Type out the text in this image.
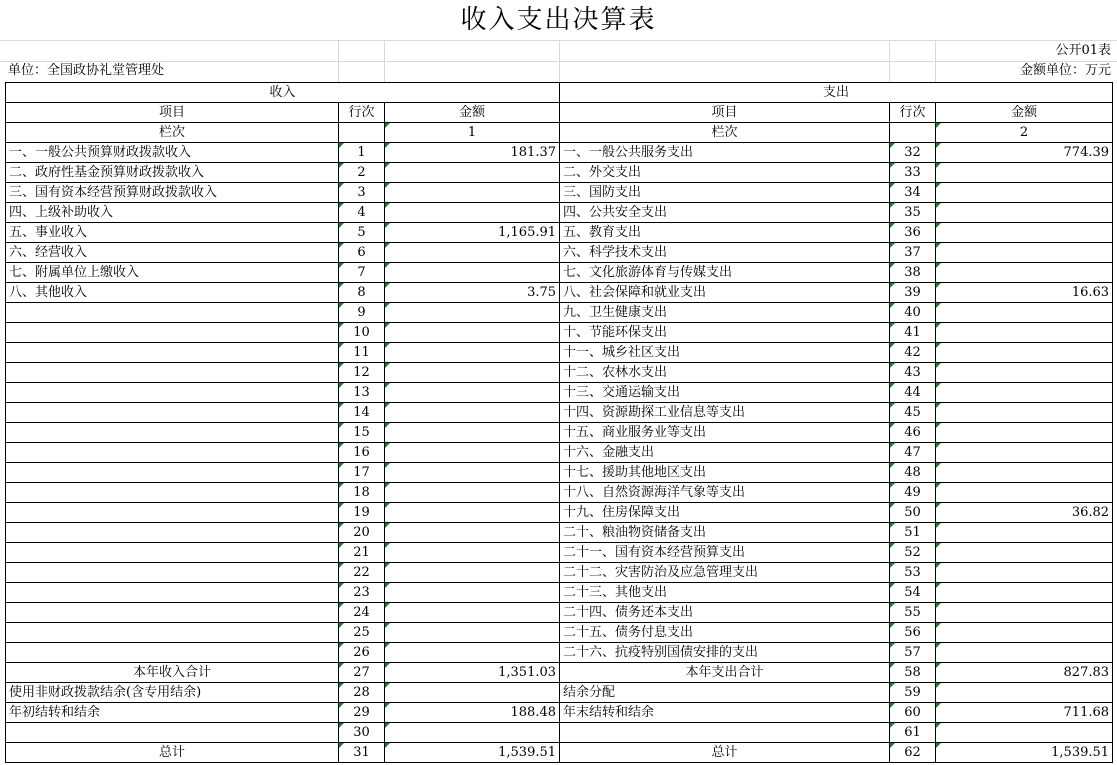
收入支出决算表
公开01表
单位：全国政协礼堂管理处	金额单位：万元
收入			支出		
项目	行次	金额	项目	行次	金额
栏次		1	栏次		2
一、一般公共预算财政拨款收入	1	181.37	一、一般公共服务支出	32	774.39
二、政府性基金预算财政拨款收入	2		二、外交支出	33	
三、国有资本经营预算财政拨款收入	3		三、国防支出	34	
四、上级补助收入	4		四、公共安全支出	35	
五、事业收入	5	1,165.91	五、教育支出	36	
六、经营收入	6		六、科学技术支出	37	
七、附属单位上缴收入	7		七、文化旅游体育与传媒支出	38	
八、其他收入	8	3.75	八、社会保障和就业支出	39	16.63
	9		九、卫生健康支出	40	
	10		十、节能环保支出	41	
	11		十一、城乡社区支出	42	
	12		十二、农林水支出	43	
	13		十三、交通运输支出	44	
	14		十四、资源勘探工业信息等支出	45	
	15		十五、商业服务业等支出	46	
	16		十六、金融支出	47	
	17		十七、援助其他地区支出	48	
	18		十八、自然资源海洋气象等支出	49	
	19		十九、住房保障支出	50	36.82
	20		二十、粮油物资储备支出	51	
	21		二十一、国有资本经营预算支出	52	
	22		二十二、灾害防治及应急管理支出	53	
	23		二十三、其他支出	54	
	24		二十四、债务还本支出	55	
	25		二十五、债务付息支出	56	
	26		二十六、抗疫特别国债安排的支出	57	
本年收入合计	27	1,351.03	本年支出合计	58	827.83
使用非财政拨款结余(含专用结余)	28		结余分配	59	
年初结转和结余	29	188.48	年末结转和结余	60	711.68
	30			61	
总计	31	1,539.51	总计	62	1,539.51
